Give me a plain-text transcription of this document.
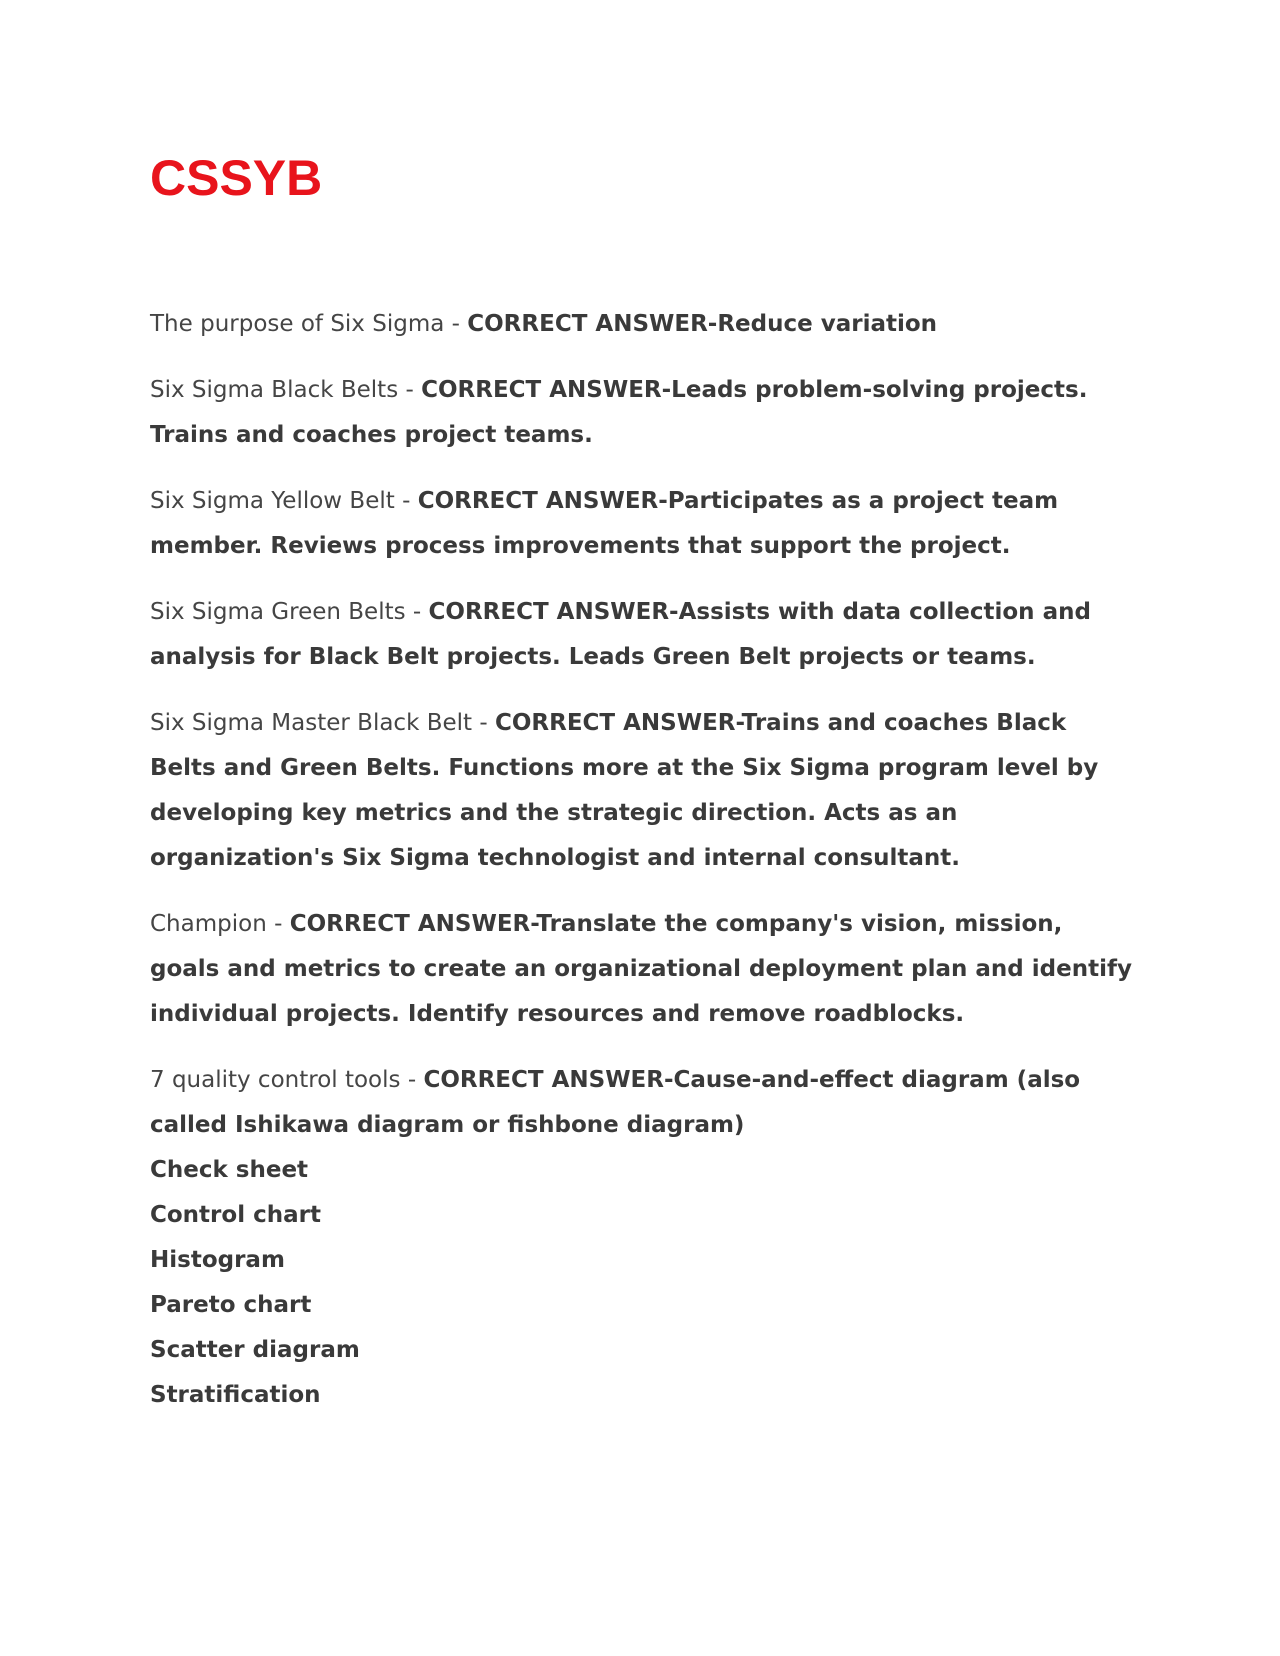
CSSYB

The purpose of Six Sigma - CORRECT ANSWER-Reduce variation

Six Sigma Black Belts - CORRECT ANSWER-Leads problem-solving projects. Trains and coaches project teams.

Six Sigma Yellow Belt - CORRECT ANSWER-Participates as a project team member. Reviews process improvements that support the project.

Six Sigma Green Belts - CORRECT ANSWER-Assists with data collection and analysis for Black Belt projects. Leads Green Belt projects or teams.

Six Sigma Master Black Belt - CORRECT ANSWER-Trains and coaches Black Belts and Green Belts. Functions more at the Six Sigma program level by developing key metrics and the strategic direction. Acts as an organization's Six Sigma technologist and internal consultant.

Champion - CORRECT ANSWER-Translate the company's vision, mission, goals and metrics to create an organizational deployment plan and identify individual projects. Identify resources and remove roadblocks.

7 quality control tools - CORRECT ANSWER-Cause-and-effect diagram (also called Ishikawa diagram or fishbone diagram)
Check sheet
Control chart
Histogram
Pareto chart
Scatter diagram
Stratification
